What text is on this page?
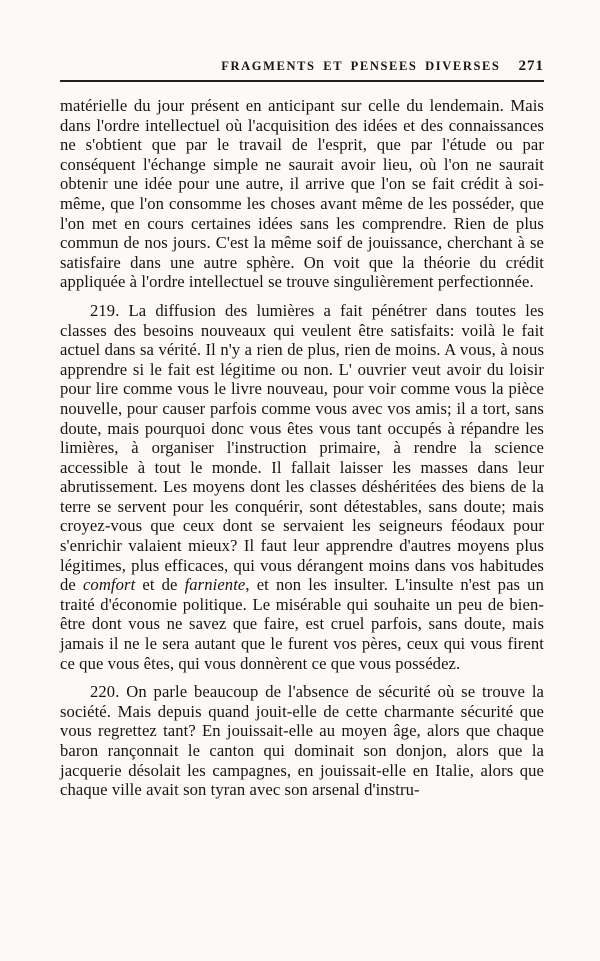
FRAGMENTS ET PENSEES DIVERSES 271

matérielle du jour présent en anticipant sur celle du lendemain. Mais dans l'ordre intellectuel où l'acquisition des idées et des connaissances ne s'obtient que par le travail de l'esprit, que par l'étude ou par conséquent l'échange simple ne saurait avoir lieu, où l'on ne saurait obtenir une idée pour une autre, il arrive que l'on se fait crédit à soi-même, que l'on consomme les choses avant même de les posséder, que l'on met en cours certaines idées sans les comprendre. Rien de plus commun de nos jours. C'est la même soif de jouissance, cherchant à se satisfaire dans une autre sphère. On voit que la théorie du crédit appliquée à l'ordre intellectuel se trouve singulièrement perfectionnée.

219. La diffusion des lumières a fait pénétrer dans toutes les classes des besoins nouveaux qui veulent être satisfaits: voilà le fait actuel dans sa vérité. Il n'y a rien de plus, rien de moins. A vous, à nous apprendre si le fait est légitime ou non. L' ouvrier veut avoir du loisir pour lire comme vous le livre nouveau, pour voir comme vous la pièce nouvelle, pour causer parfois comme vous avec vos amis; il a tort, sans doute, mais pourquoi donc vous êtes vous tant occupés à répandre les limières, à organiser l'instruction primaire, à rendre la science accessible à tout le monde. Il fallait laisser les masses dans leur abrutissement. Les moyens dont les classes déshéritées des biens de la terre se servent pour les conquérir, sont détestables, sans doute; mais croyez-vous que ceux dont se servaient les seigneurs féodaux pour s'enrichir valaient mieux? Il faut leur apprendre d'autres moyens plus légitimes, plus efficaces, qui vous dérangent moins dans vos habitudes de comfort et de farniente, et non les insulter. L'insulte n'est pas un traité d'économie politique. Le misérable qui souhaite un peu de bien-être dont vous ne savez que faire, est cruel parfois, sans doute, mais jamais il ne le sera autant que le furent vos pères, ceux qui vous firent ce que vous êtes, qui vous donnèrent ce que vous possédez.

220. On parle beaucoup de l'absence de sécurité où se trouve la société. Mais depuis quand jouit-elle de cette charmante sécurité que vous regrettez tant? En jouissait-elle au moyen âge, alors que chaque baron rançonnait le canton qui dominait son donjon, alors que la jacquerie désolait les campagnes, en jouissait-elle en Italie, alors que chaque ville avait son tyran avec son arsenal d'instru-
